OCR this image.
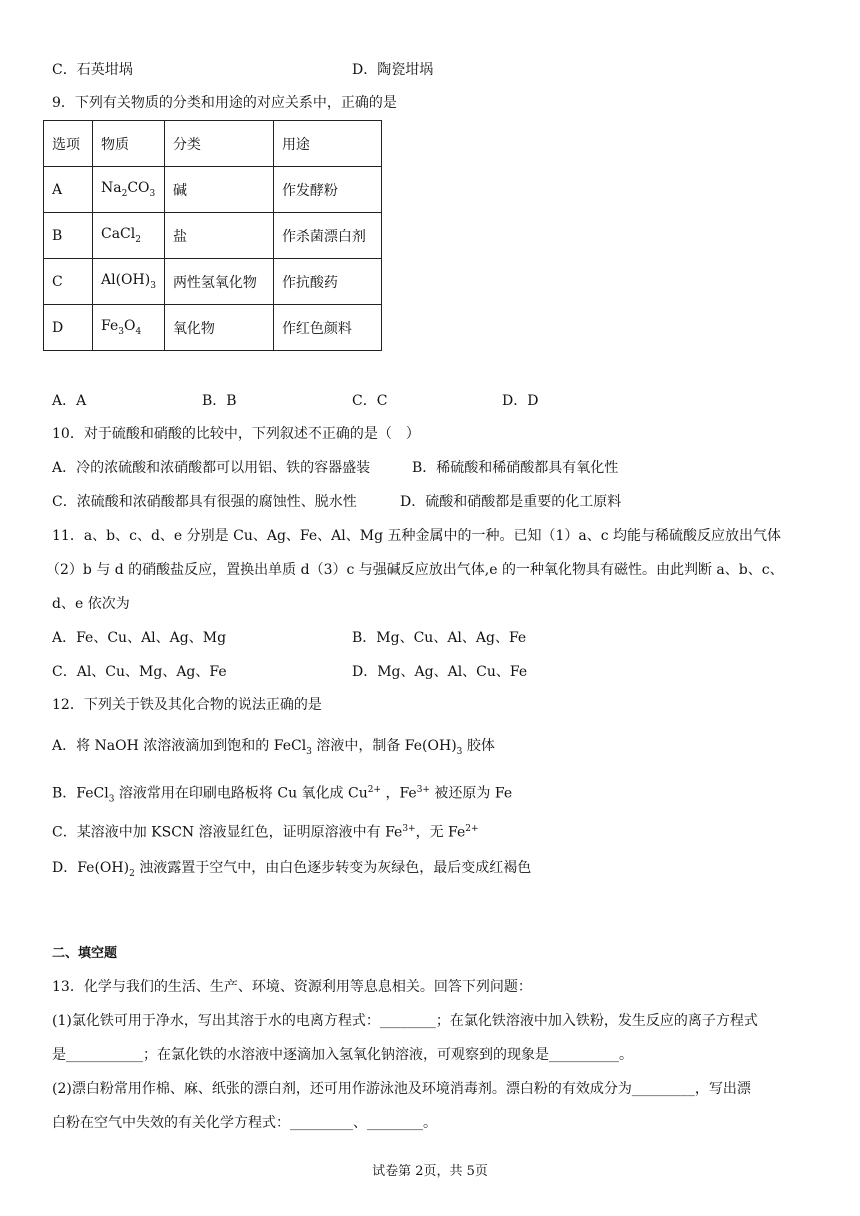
C．石英坩埚	D．陶瓷坩埚
9．下列有关物质的分类和用途的对应关系中，正确的是
选项	物质	分类	用途
A	$Na_2CO_3$	碱	作发酵粉
B	CaCl$_2$	盐	作杀菌漂白剂
C	$Al(OH)_3$	两性氢氧化物	作抗酸药
D	$Fe_3O_4$	氧化物	作红色颜料
A．A	B．B	C．C	D．D
10．对于硫酸和硝酸的比较中，下列叙述不正确的是（　）
A．冷的浓硫酸和浓硝酸都可以用铝、铁的容器盛装	B．稀硫酸和稀硝酸都具有氧化性
C．浓硫酸和浓硝酸都具有很强的腐蚀性、脱水性	D．硫酸和硝酸都是重要的化工原料
11．a、b、c、d、e 分别是 Cu、Ag、Fe、Al、Mg 五种金属中的一种。已知（1）a、c 均能与稀硫酸反应放出气体
（2）b 与 d 的硝酸盐反应，置换出单质 d（3）c 与强碱反应放出气体,e 的一种氧化物具有磁性。由此判断 a、b、c、
d、e 依次为
A．Fe、Cu、Al、Ag、Mg	B．Mg、Cu、Al、Ag、Fe
C．Al、Cu、Mg、Ag、Fe	D．Mg、Ag、Al、Cu、Fe
12．下列关于铁及其化合物的说法正确的是
A．将 NaOH 浓溶液滴加到饱和的 FeCl$_3$ 溶液中，制备 $Fe(OH)_3$ 胶体
B．FeCl$_3$ 溶液常用在印刷电路板将 Cu 氧化成 $Cu^{2+}$ ，$Fe^{3+}$ 被还原为 Fe
C．某溶液中加 KSCN 溶液显红色，证明原溶液中有 $Fe^{3+}$，无 $Fe^{2+}$
D．$Fe(OH)_2$ 浊液露置于空气中，由白色逐步转变为灰绿色，最后变成红褐色
二、填空题
13．化学与我们的生活、生产、环境、资源利用等息息相关。回答下列问题：
(1)氯化铁可用于净水，写出其溶于水的电离方程式：________；在氯化铁溶液中加入铁粉，发生反应的离子方程式
是___________；在氯化铁的水溶液中逐滴加入氢氧化钠溶液，可观察到的现象是__________。
(2)漂白粉常用作棉、麻、纸张的漂白剂，还可用作游泳池及环境消毒剂。漂白粉的有效成分为_________，写出漂
白粉在空气中失效的有关化学方程式：_________、________。
试卷第 2页，共 5页
